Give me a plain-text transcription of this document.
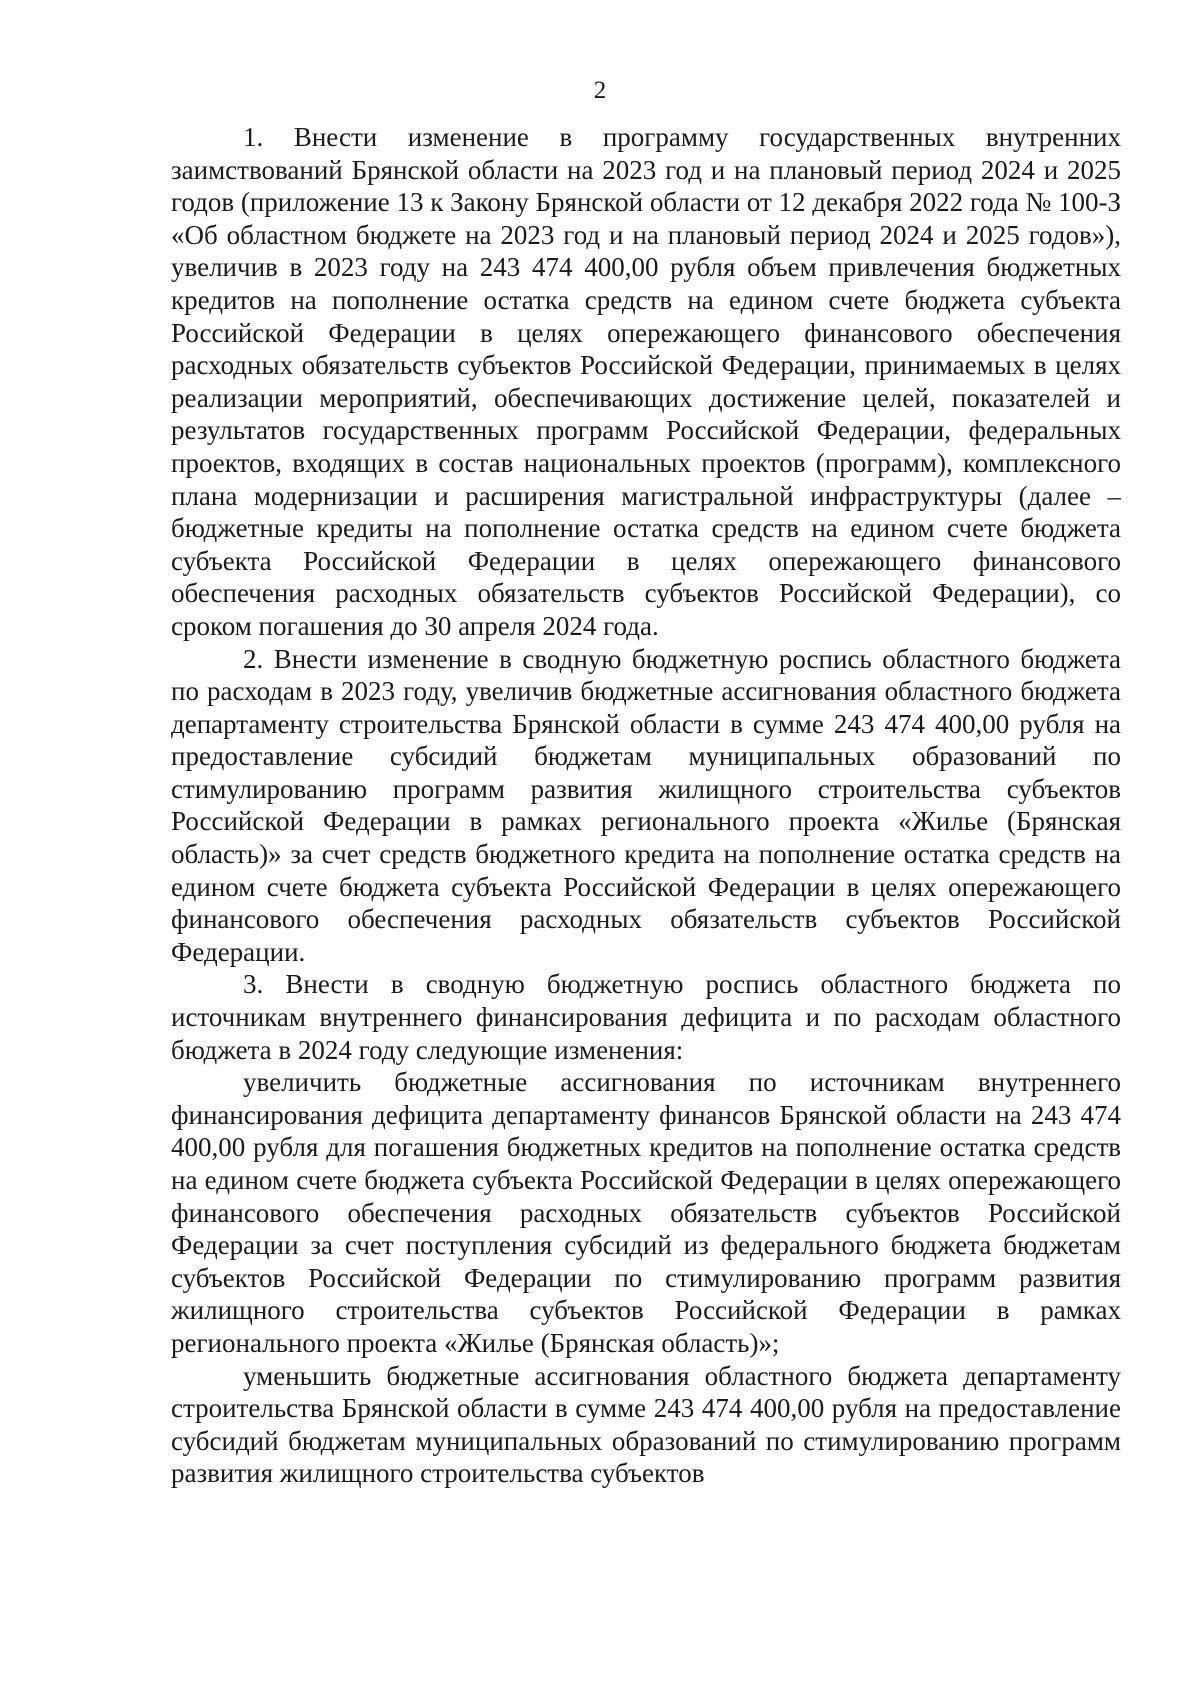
2

1. Внести изменение в программу государственных внутренних заимствований Брянской области на 2023 год и на плановый период 2024 и 2025 годов (приложение 13 к Закону Брянской области от 12 декабря 2022 года № 100-З «Об областном бюджете на 2023 год и на плановый период 2024 и 2025 годов»), увеличив в 2023 году на 243 474 400,00 рубля объем привлечения бюджетных кредитов на пополнение остатка средств на едином счете бюджета субъекта Российской Федерации в целях опережающего финансового обеспечения расходных обязательств субъектов Российской Федерации, принимаемых в целях реализации мероприятий, обеспечивающих достижение целей, показателей и результатов государственных программ Российской Федерации, федеральных проектов, входящих в состав национальных проектов (программ), комплексного плана модернизации и расширения магистральной инфраструктуры (далее – бюджетные кредиты на пополнение остатка средств на едином счете бюджета субъекта Российской Федерации в целях опережающего финансового обеспечения расходных обязательств субъектов Российской Федерации), со сроком погашения до 30 апреля 2024 года.

2. Внести изменение в сводную бюджетную роспись областного бюджета по расходам в 2023 году, увеличив бюджетные ассигнования областного бюджета департаменту строительства Брянской области в сумме 243 474 400,00 рубля на предоставление субсидий бюджетам муниципальных образований по стимулированию программ развития жилищного строительства субъектов Российской Федерации в рамках регионального проекта «Жилье (Брянская область)» за счет средств бюджетного кредита на пополнение остатка средств на едином счете бюджета субъекта Российской Федерации в целях опережающего финансового обеспечения расходных обязательств субъектов Российской Федерации.

3. Внести в сводную бюджетную роспись областного бюджета по источникам внутреннего финансирования дефицита и по расходам областного бюджета в 2024 году следующие изменения:

увеличить бюджетные ассигнования по источникам внутреннего финансирования дефицита департаменту финансов Брянской области на 243 474 400,00 рубля для погашения бюджетных кредитов на пополнение остатка средств на едином счете бюджета субъекта Российской Федерации в целях опережающего финансового обеспечения расходных обязательств субъектов Российской Федерации за счет поступления субсидий из федерального бюджета бюджетам субъектов Российской Федерации по стимулированию программ развития жилищного строительства субъектов Российской Федерации в рамках регионального проекта «Жилье (Брянская область)»;

уменьшить бюджетные ассигнования областного бюджета департаменту строительства Брянской области в сумме 243 474 400,00 рубля на предоставление субсидий бюджетам муниципальных образований по стимулированию программ развития жилищного строительства субъектов
